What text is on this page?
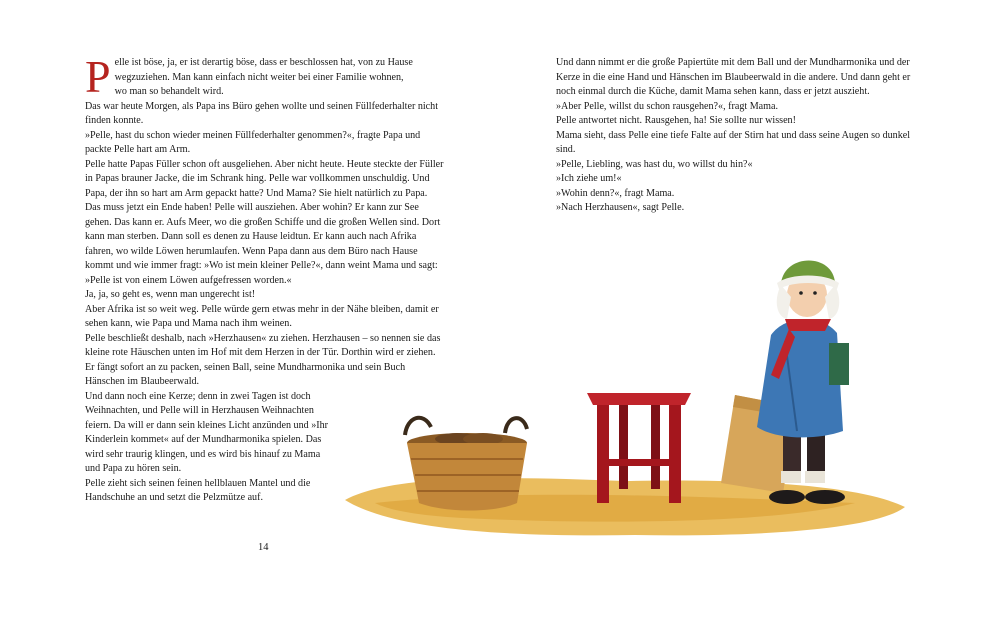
P elle ist böse, ja, er ist derartig böse, dass er beschlossen hat, von zu Hause
wegzuziehen. Man kann einfach nicht weiter bei einer Familie wohnen,
wo man so behandelt wird.

Das war heute Morgen, als Papa ins Büro gehen wollte und seinen Füllfederhalter nicht finden konnte.

»Pelle, hast du schon wieder meinen Füllfederhalter genommen?«, fragte Papa und packte Pelle hart am Arm.

Pelle hatte Papas Füller schon oft ausgeliehen. Aber nicht heute. Heute steckte der Füller in Papas brauner Jacke, die im Schrank hing. Pelle war vollkommen unschuldig. Und Papa, der ihn so hart am Arm gepackt hatte? Und Mama? Sie hielt natürlich zu Papa. Das muss jetzt ein Ende haben! Pelle will ausziehen. Aber wohin? Er kann zur See gehen. Das kann er. Aufs Meer, wo die großen Schiffe und die großen Wellen sind. Dort kann man sterben. Dann soll es denen zu Hause leidtun. Er kann auch nach Afrika fahren, wo wilde Löwen herumlaufen. Wenn Papa dann aus dem Büro nach Hause kommt und wie immer fragt: »Wo ist mein kleiner Pelle?«, dann weint Mama und sagt: »Pelle ist von einem Löwen aufgefressen worden.«

Ja, ja, so geht es, wenn man ungerecht ist!

Aber Afrika ist so weit weg. Pelle würde gern etwas mehr in der Nähe bleiben, damit er sehen kann, wie Papa und Mama nach ihm weinen.

Pelle beschließt deshalb, nach »Herzhausen« zu ziehen. Herzhausen – so nennen sie das kleine rote Häuschen unten im Hof mit dem Herzen in der Tür. Dorthin wird er ziehen. Er fängt sofort an zu packen, seinen Ball, seine Mundharmonika und sein Buch Hänschen im Blaubeerwald.

Und dann noch eine Kerze; denn in zwei Tagen ist doch Weihnachten, und Pelle will in Herzhausen Weihnachten feiern. Da will er dann sein kleines Licht anzünden und »Ihr Kinderlein kommet« auf der Mundharmonika spielen. Das wird sehr traurig klingen, und es wird bis hinauf zu Mama und Papa zu hören sein.

Pelle zieht sich seinen feinen hellblauen Mantel und die Handschuhe an und setzt die Pelzmütze auf.

14

Und dann nimmt er die große Papiertüte mit dem Ball und der Mundharmonika und der Kerze in die eine Hand und Hänschen im Blaubeerwald in die andere. Und dann geht er noch einmal durch die Küche, damit Mama sehen kann, dass er jetzt auszieht.

»Aber Pelle, willst du schon rausgehen?«, fragt Mama.

Pelle antwortet nicht. Rausgehen, ha! Sie sollte nur wissen!

Mama sieht, dass Pelle eine tiefe Falte auf der Stirn hat und dass seine Augen so dunkel sind.

»Pelle, Liebling, was hast du, wo willst du hin?«

»Ich ziehe um!«

»Wohin denn?«, fragt Mama.

»Nach Herzhausen«, sagt Pelle.
